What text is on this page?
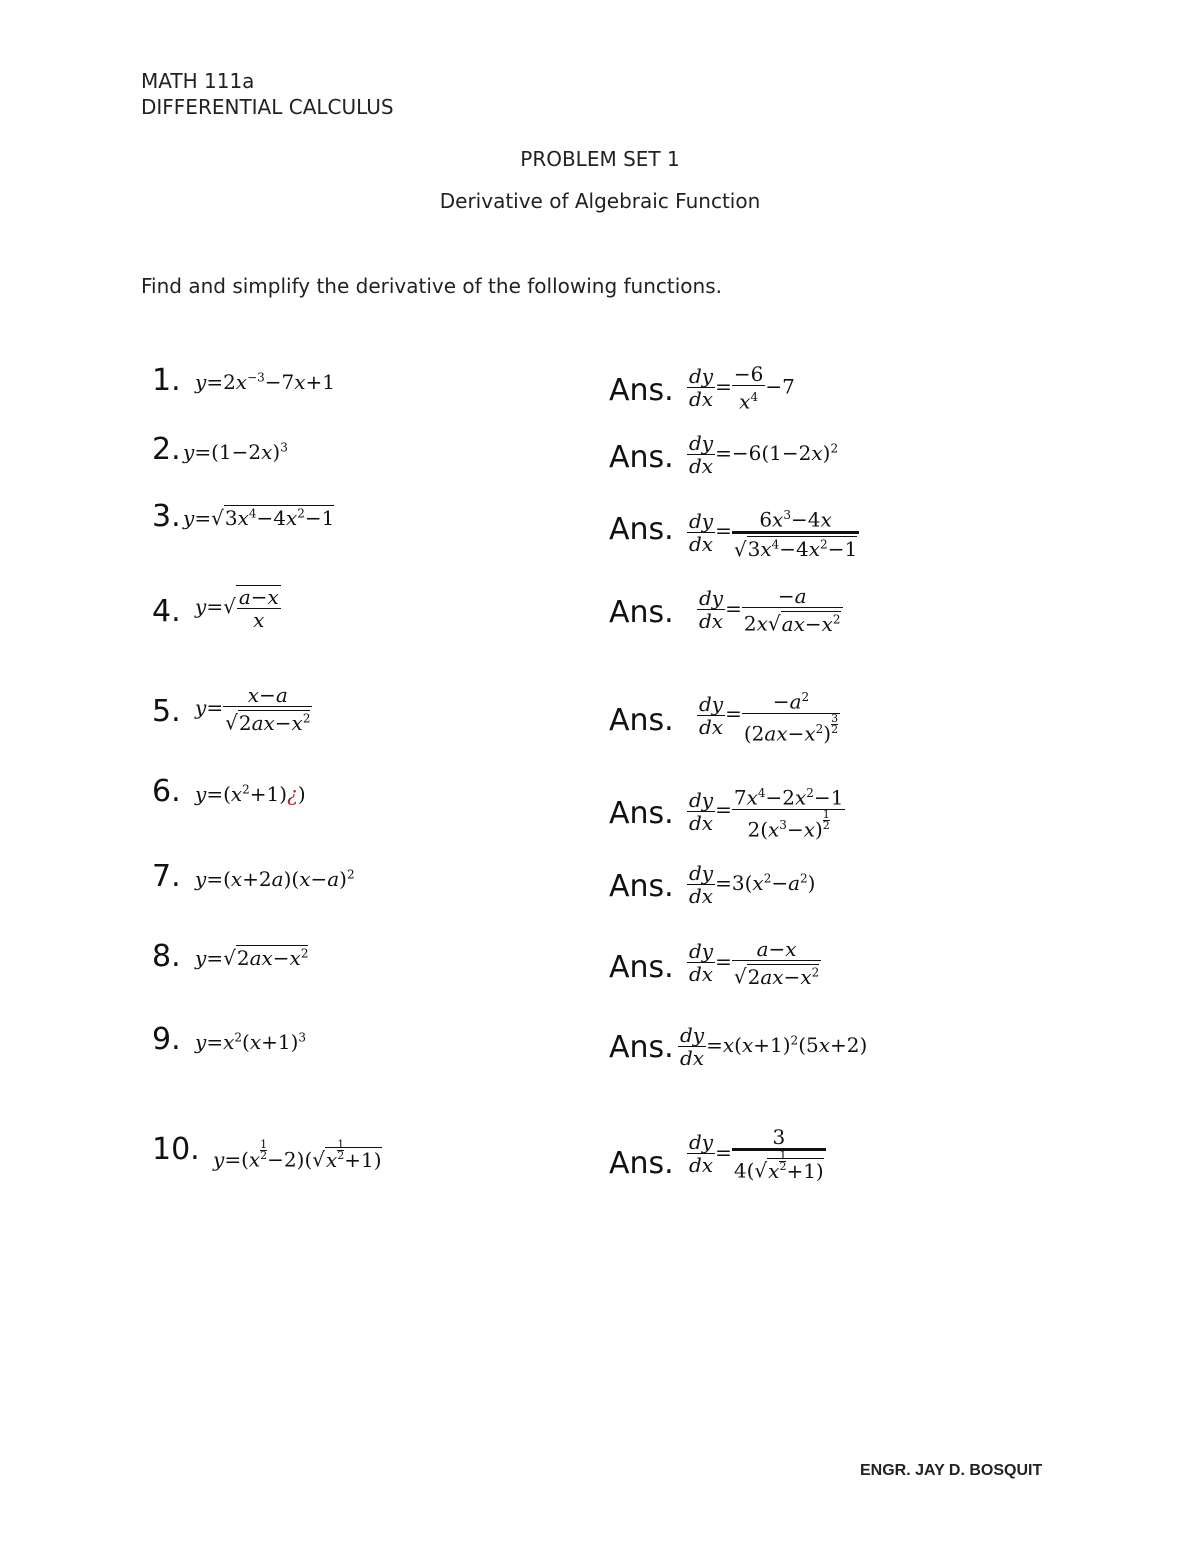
MATH 111a
DIFFERENTIAL CALCULUS
PROBLEM SET 1
Derivative of Algebraic Function
Find and simplify the derivative of the following functions.
1.
2.
3.
4.
5.
6.
7.
8.
9.
10.
$y=2x^{-3}-7x+1$
$y=(1-2x)^3$
$y=√3x^4-4x^2-1$
$y=√ \frac{a-x}{x}$
$y= \frac{x-a}{√2ax-x^2}$
$y=(x^2+1)¿$)
$y=(x+2a)(x-a)^2$
$y=√2ax-x^2$
$y=x^2(x+1)^3$
$y=(x \frac{1}{2} -2)(√x \frac{1}{2} +1)$
Ans.
Ans.
Ans.
Ans.
Ans.
Ans.
Ans.
Ans.
Ans.
Ans.
$\frac{dy}{dx} = \frac{-6}{x^4} -7$
$\frac{dy}{dx} =-6(1-2x)^2$
$\frac{dy}{dx} = \frac{6x^3-4x}{√3x^4-4x^2-1}$
$\frac{dy}{dx} = \frac{-a}{2x√ax-x^2}$
$\frac{dy}{dx} = \frac{-a^2}{(2ax-x^2) \frac{3}{2}}$
$\frac{dy}{dx} = \frac{7x^4-2x^2-1}{2(x^3-x) \frac{1}{2}}$
$\frac{dy}{dx} =3(x^2-a^2)$
$\frac{dy}{dx} = \frac{a-x}{√2ax-x^2}$
$\frac{dy}{dx} =x(x+1)^2(5x+2)$
$\frac{dy}{dx} = \frac{3}{4(√x \frac{1}{2} +1)}$
ENGR. JAY D. BOSQUIT
